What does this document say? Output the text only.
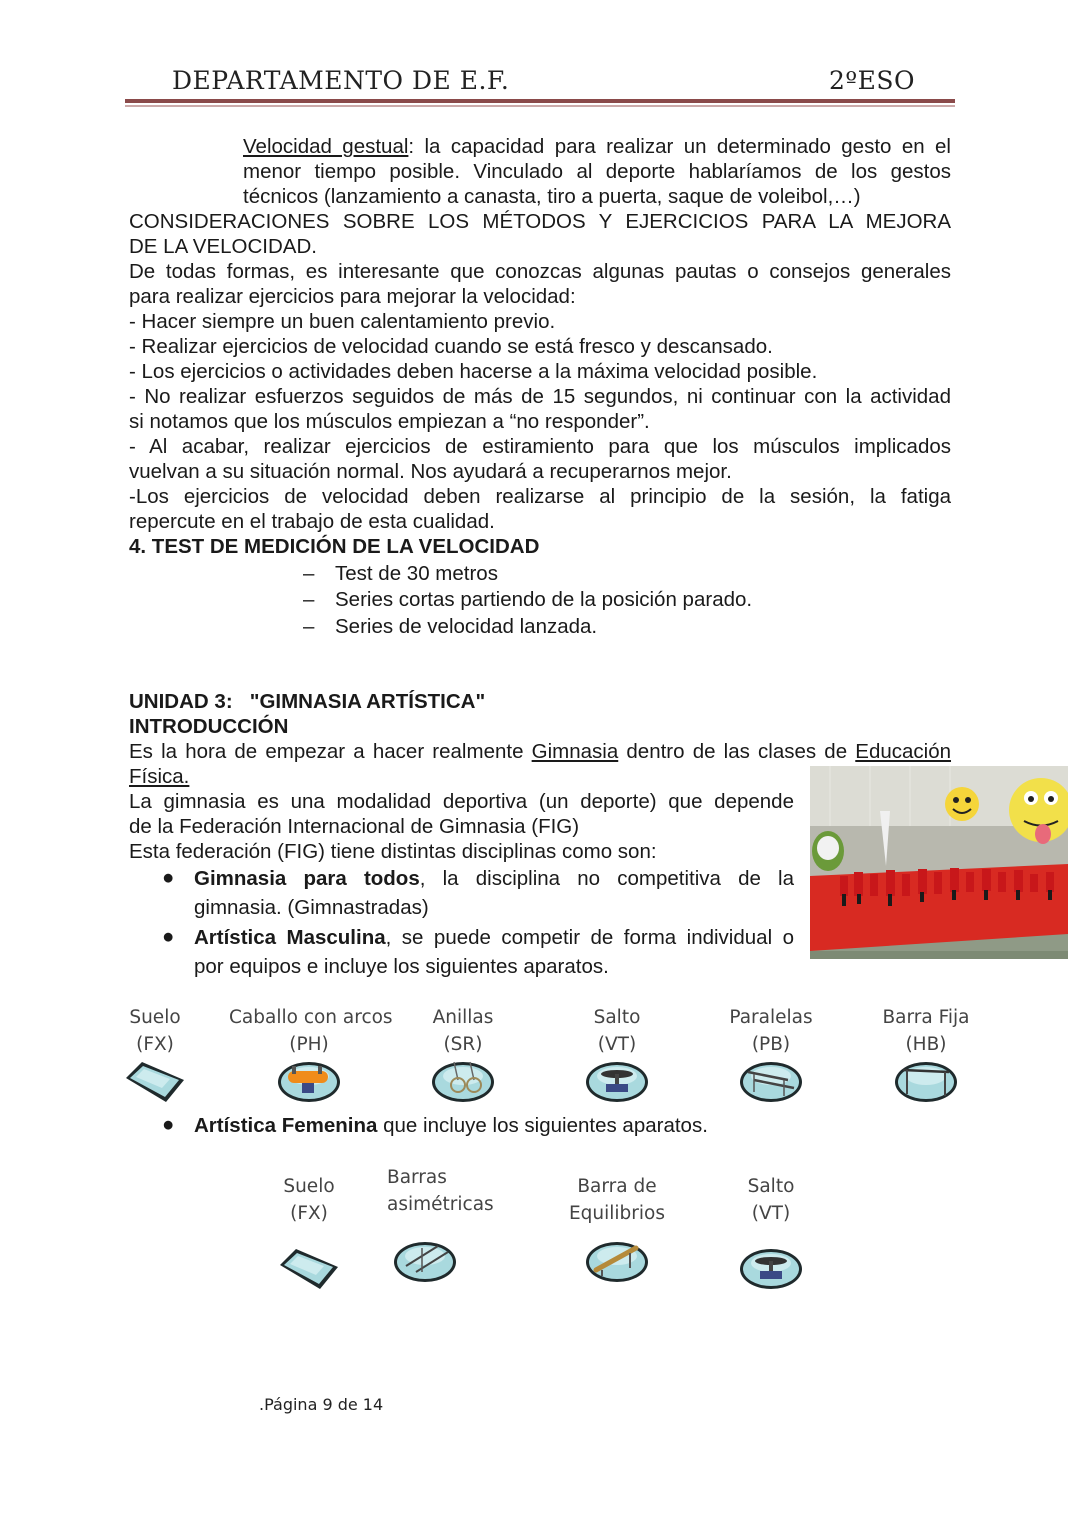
DEPARTAMENTO DE E.F.	2ºESO
Velocidad gestual: la capacidad para realizar un determinado gesto en el
menor tiempo posible. Vinculado al deporte hablaríamos de los gestos
técnicos (lanzamiento a canasta, tiro a puerta, saque de voleibol,…)
CONSIDERACIONES SOBRE LOS MÉTODOS Y EJERCICIOS PARA LA MEJORA
DE LA VELOCIDAD.
De todas formas, es interesante que conozcas algunas pautas o consejos generales
para realizar ejercicios para mejorar la velocidad:
- Hacer siempre un buen calentamiento previo.
- Realizar ejercicios de velocidad cuando se está fresco y descansado.
- Los ejercicios o actividades deben hacerse a la máxima velocidad posible.
- No realizar esfuerzos seguidos de más de 15 segundos, ni continuar con la actividad
si notamos que los músculos empiezan a “no responder”.
- Al acabar, realizar ejercicios de estiramiento para que los músculos implicados
vuelvan a su situación normal. Nos ayudará a recuperarnos mejor.
-Los ejercicios de velocidad deben realizarse al principio de la sesión, la fatiga
repercute en el trabajo de esta cualidad.
4. TEST DE MEDICIÓN DE LA VELOCIDAD
– Test de 30 metros
– Series cortas partiendo de la posición parado.
– Series de velocidad lanzada.
UNIDAD 3:   "GIMNASIA ARTÍSTICA"
INTRODUCCIÓN
Es la hora de empezar a hacer realmente Gimnasia dentro de las clases de Educación
Física.
La gimnasia es una modalidad deportiva (un deporte) que depende
de la Federación Internacional de Gimnasia (FIG)
Esta federación (FIG) tiene distintas disciplinas como son:
● Gimnasia para todos, la disciplina no competitiva de la
gimnasia. (Gimnastradas)
● Artística Masculina, se puede competir de forma individual o
por equipos e incluye los siguientes aparatos.
Suelo
(FX)
Caballo con arcos
(PH)
Anillas
(SR)
Salto
(VT)
Paralelas
(PB)
Barra Fija
(HB)
● Artística Femenina que incluye los siguientes aparatos.
Suelo
(FX)
Barras
asimétricas
Barra de
Equilibrios
Salto
(VT)
.Página 9 de 14
